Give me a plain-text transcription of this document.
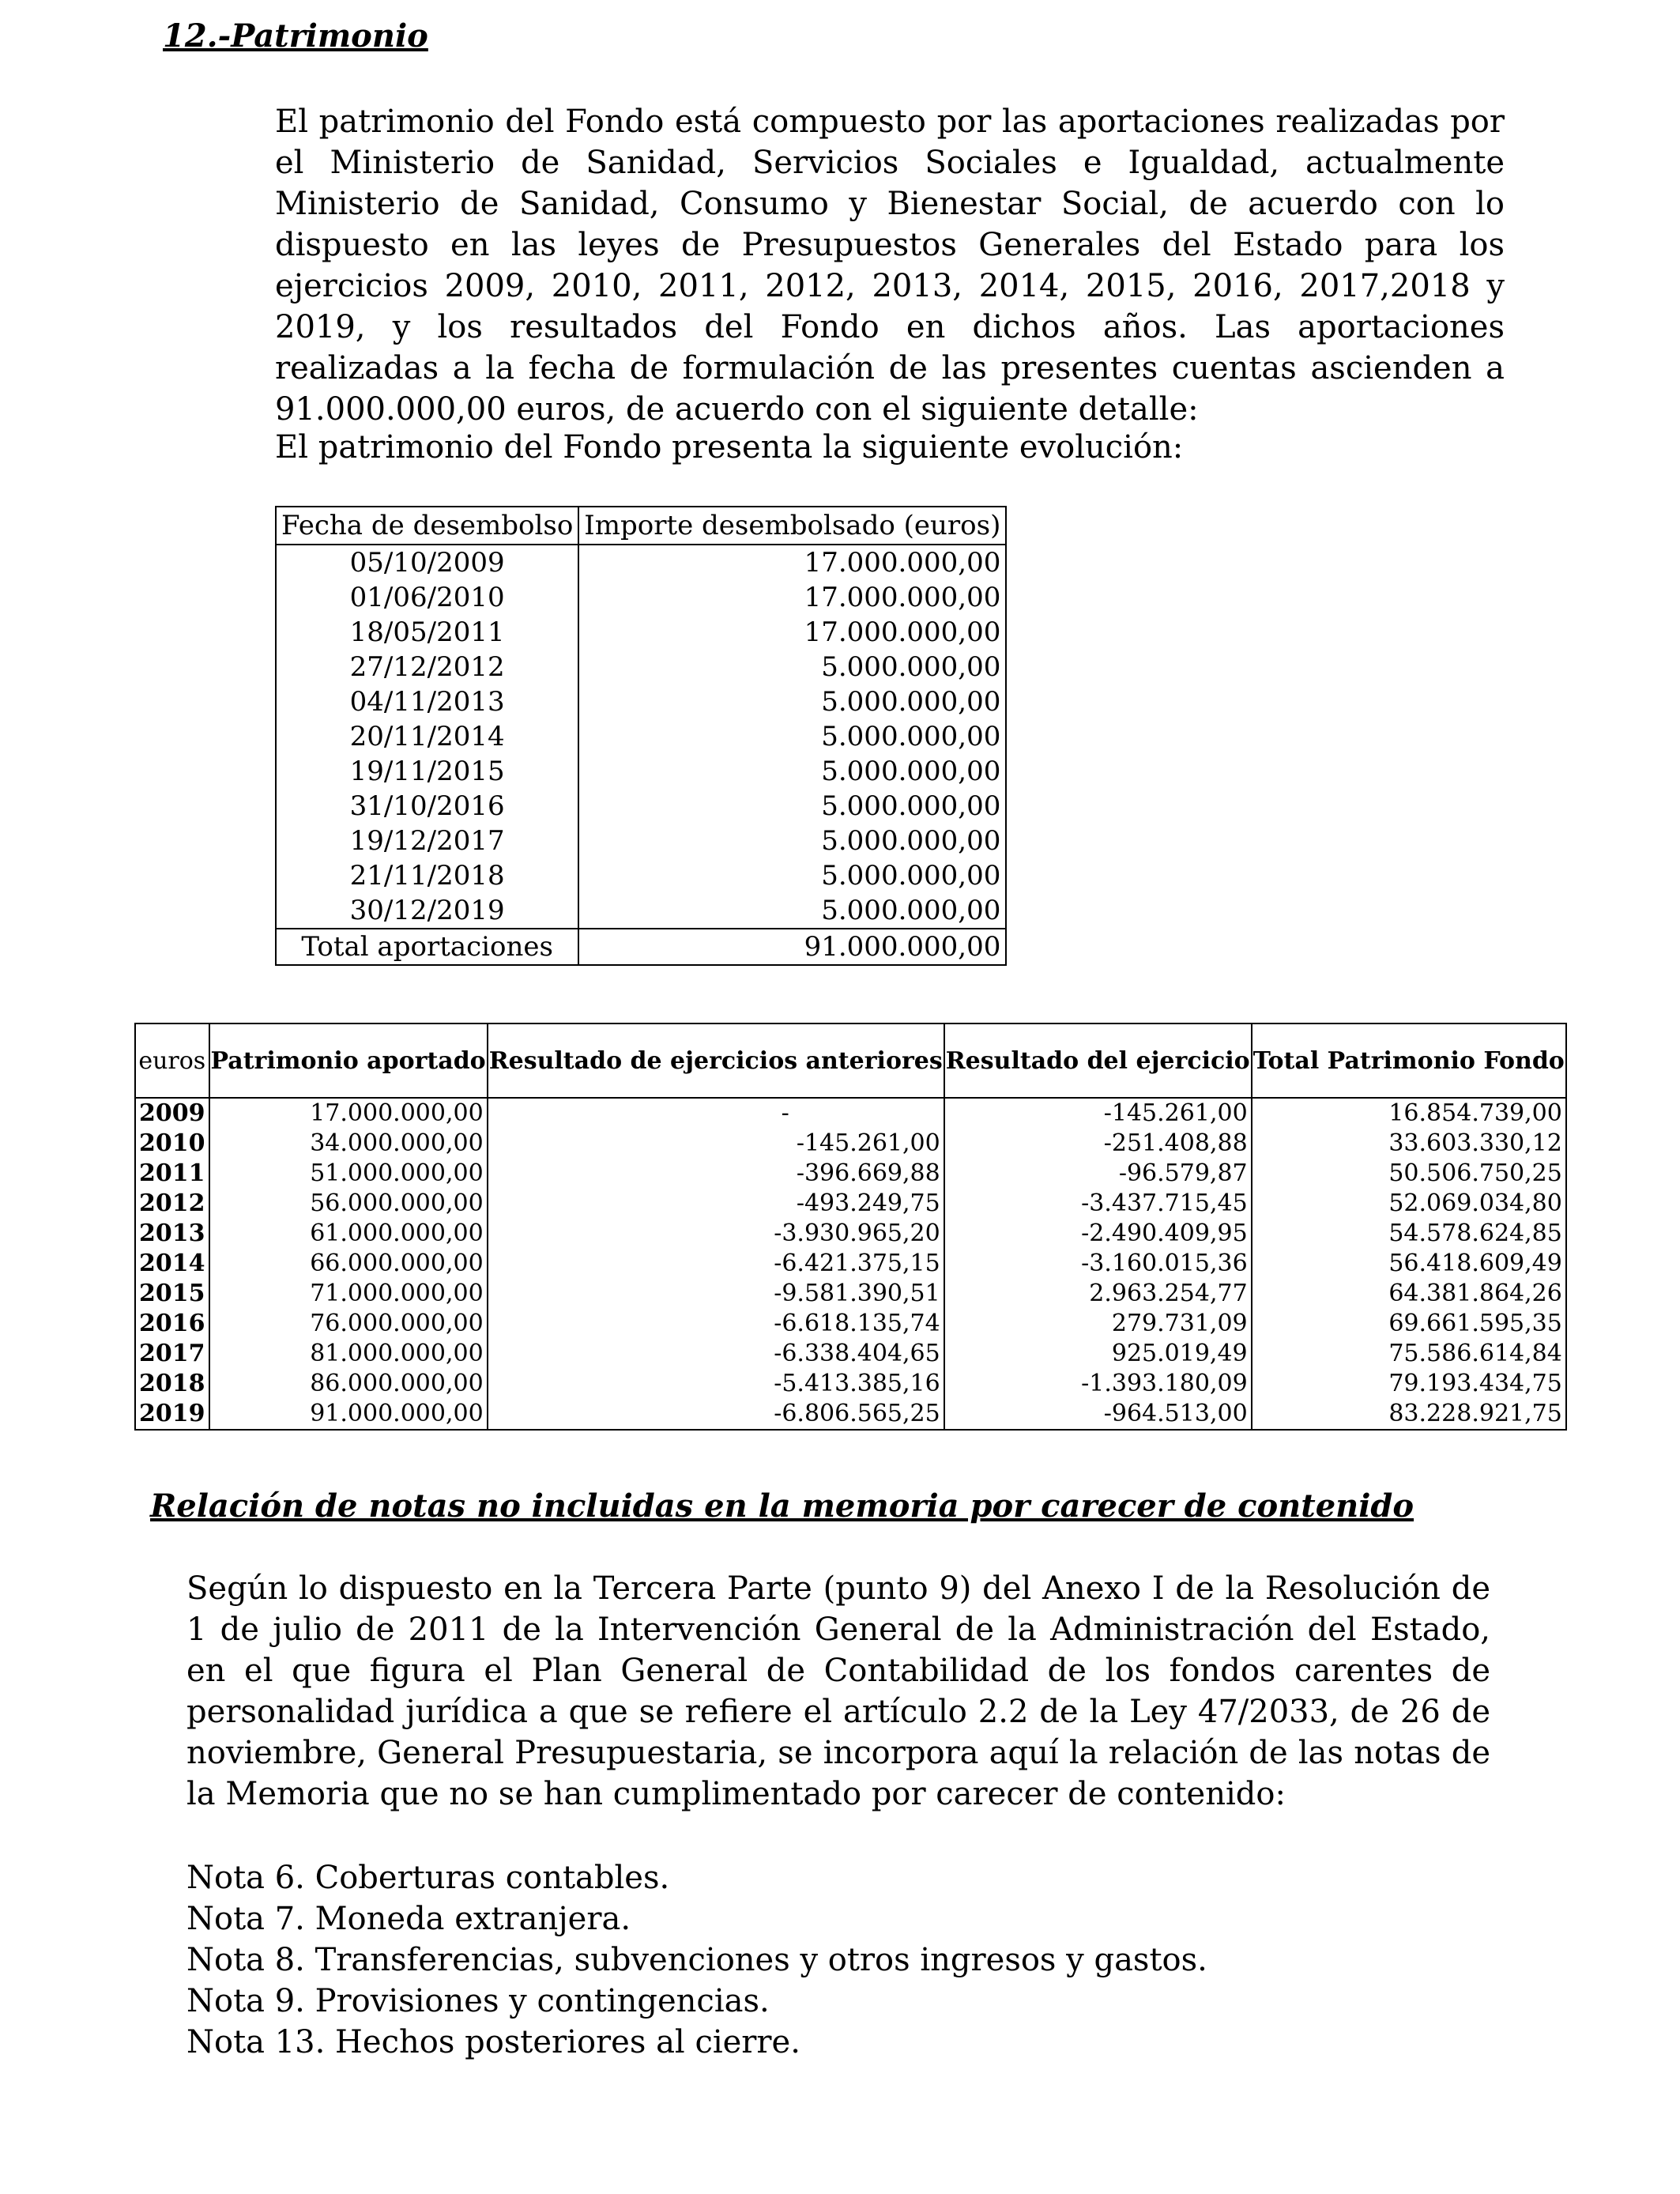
12.-Patrimonio

El patrimonio del Fondo está compuesto por las aportaciones realizadas por el Ministerio de Sanidad, Servicios Sociales e Igualdad, actualmente Ministerio de Sanidad, Consumo y Bienestar Social, de acuerdo con lo dispuesto en las leyes de Presupuestos Generales del Estado para los ejercicios 2009, 2010, 2011, 2012, 2013, 2014, 2015, 2016, 2017,2018 y 2019, y los resultados del Fondo en dichos años. Las aportaciones realizadas a la fecha de formulación de las presentes cuentas ascienden a 91.000.000,00 euros, de acuerdo con el siguiente detalle:

El patrimonio del Fondo presenta la siguiente evolución:

Fecha de desembolso	Importe desembolsado (euros)
05/10/2009	17.000.000,00
01/06/2010	17.000.000,00
18/05/2011	17.000.000,00
27/12/2012	5.000.000,00
04/11/2013	5.000.000,00
20/11/2014	5.000.000,00
19/11/2015	5.000.000,00
31/10/2016	5.000.000,00
19/12/2017	5.000.000,00
21/11/2018	5.000.000,00
30/12/2019	5.000.000,00
Total aportaciones	91.000.000,00
euros	Patrimonio aportado	Resultado de ejercicios anteriores	Resultado del ejercicio	Total Patrimonio Fondo
2009	17.000.000,00	-	-145.261,00	16.854.739,00
2010	34.000.000,00	-145.261,00	-251.408,88	33.603.330,12
2011	51.000.000,00	-396.669,88	-96.579,87	50.506.750,25
2012	56.000.000,00	-493.249,75	-3.437.715,45	52.069.034,80
2013	61.000.000,00	-3.930.965,20	-2.490.409,95	54.578.624,85
2014	66.000.000,00	-6.421.375,15	-3.160.015,36	56.418.609,49
2015	71.000.000,00	-9.581.390,51	2.963.254,77	64.381.864,26
2016	76.000.000,00	-6.618.135,74	279.731,09	69.661.595,35
2017	81.000.000,00	-6.338.404,65	925.019,49	75.586.614,84
2018	86.000.000,00	-5.413.385,16	-1.393.180,09	79.193.434,75
2019	91.000.000,00	-6.806.565,25	-964.513,00	83.228.921,75
Relación de notas no incluidas en la memoria por carecer de contenido

Según lo dispuesto en la Tercera Parte (punto 9) del Anexo I de la Resolución de 1 de julio de 2011 de la Intervención General de la Administración del Estado, en el que figura el Plan General de Contabilidad de los fondos carentes de personalidad jurídica a que se refiere el artículo 2.2 de la Ley 47/2033, de 26 de noviembre, General Presupuestaria, se incorpora aquí la relación de las notas de la Memoria que no se han cumplimentado por carecer de contenido:

Nota 6. Coberturas contables.
Nota 7. Moneda extranjera.
Nota 8. Transferencias, subvenciones y otros ingresos y gastos.
Nota 9. Provisiones y contingencias.
Nota 13. Hechos posteriores al cierre.
